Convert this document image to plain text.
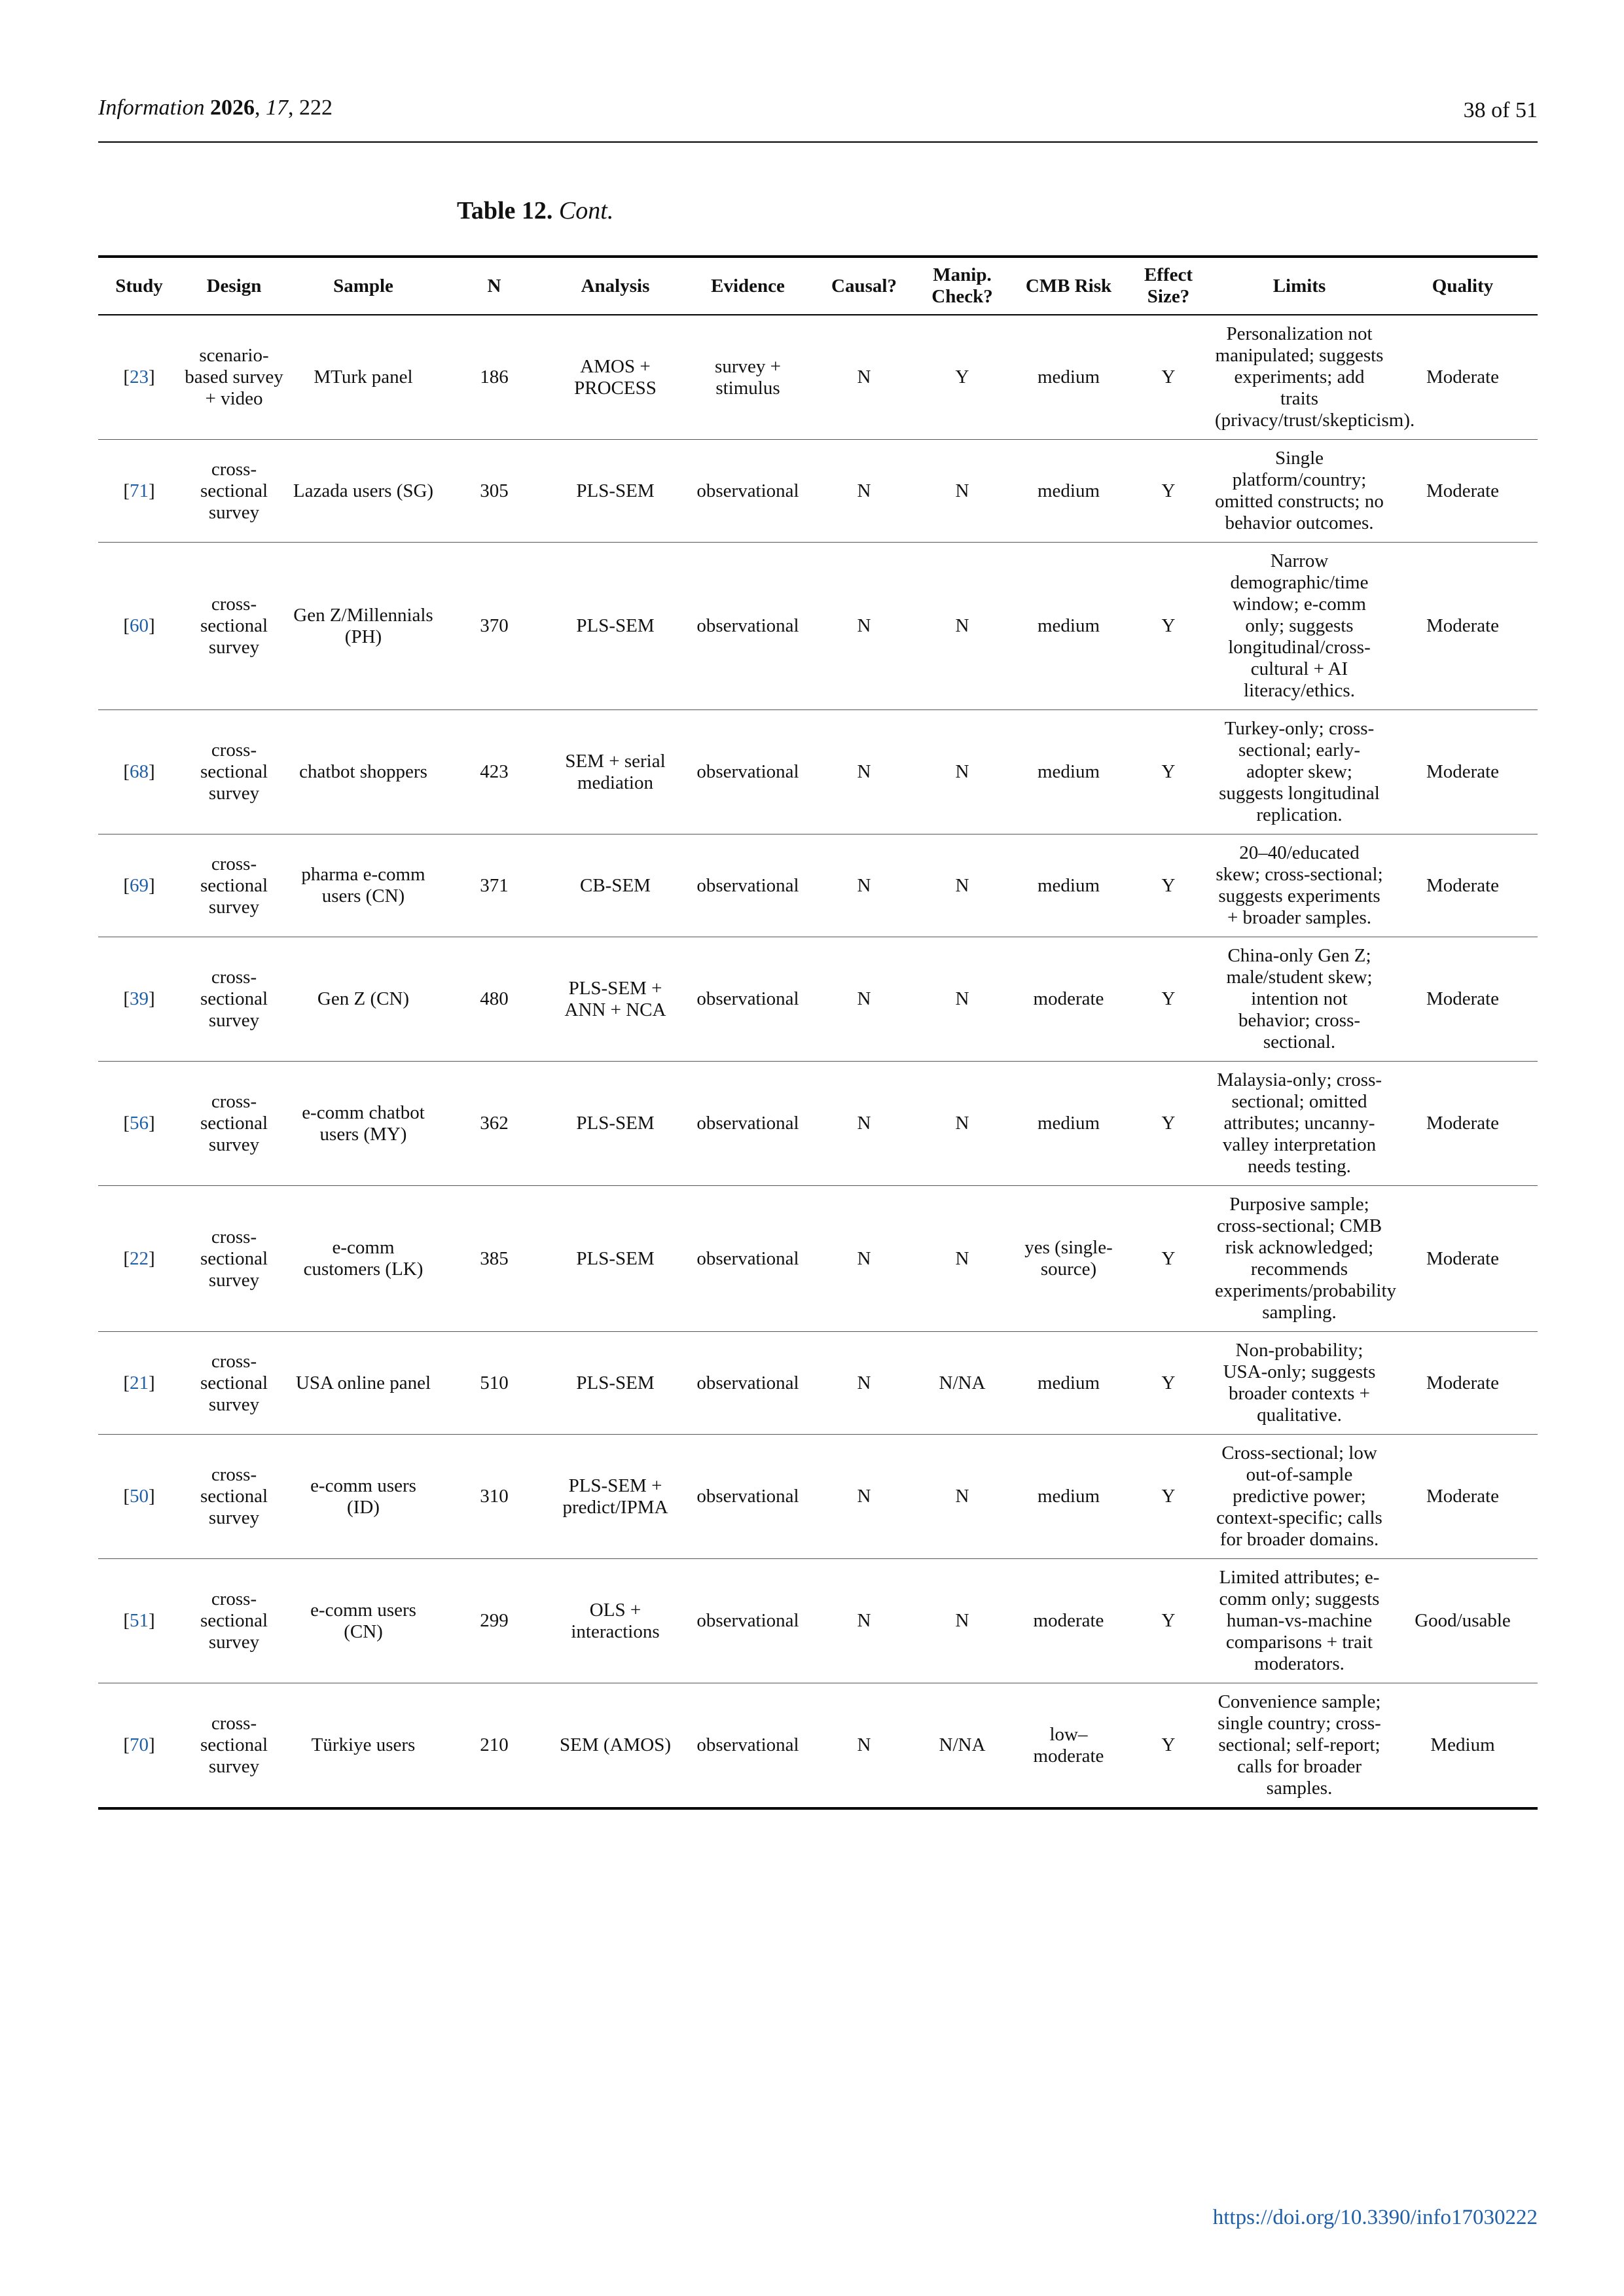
Information 2026, 17, 222	38 of 51
Table 12. Cont.
Study	Design	Sample	N	Analysis	Evidence	Causal?	Manip. Check?	CMB Risk	Effect Size?	Limits	Quality
[23]	scenario-based survey + video	MTurk panel	186	AMOS + PROCESS	survey + stimulus	N	Y	medium	Y	Personalization not manipulated; suggests experiments; add traits (privacy/trust/skepticism).	Moderate
[71]	cross-sectional survey	Lazada users (SG)	305	PLS-SEM	observational	N	N	medium	Y	Single platform/country; omitted constructs; no behavior outcomes.	Moderate
[60]	cross-sectional survey	Gen Z/Millennials (PH)	370	PLS-SEM	observational	N	N	medium	Y	Narrow demographic/time window; e-comm only; suggests longitudinal/cross-cultural + AI literacy/ethics.	Moderate
[68]	cross-sectional survey	chatbot shoppers	423	SEM + serial mediation	observational	N	N	medium	Y	Turkey-only; cross-sectional; early-adopter skew; suggests longitudinal replication.	Moderate
[69]	cross-sectional survey	pharma e-comm users (CN)	371	CB-SEM	observational	N	N	medium	Y	20–40/educated skew; cross-sectional; suggests experiments + broader samples.	Moderate
[39]	cross-sectional survey	Gen Z (CN)	480	PLS-SEM + ANN + NCA	observational	N	N	moderate	Y	China-only Gen Z; male/student skew; intention not behavior; cross-sectional.	Moderate
[56]	cross-sectional survey	e-comm chatbot users (MY)	362	PLS-SEM	observational	N	N	medium	Y	Malaysia-only; cross-sectional; omitted attributes; uncanny-valley interpretation needs testing.	Moderate
[22]	cross-sectional survey	e-comm customers (LK)	385	PLS-SEM	observational	N	N	yes (single-source)	Y	Purposive sample; cross-sectional; CMB risk acknowledged; recommends experiments/probability sampling.	Moderate
[21]	cross-sectional survey	USA online panel	510	PLS-SEM	observational	N	N/NA	medium	Y	Non-probability; USA-only; suggests broader contexts + qualitative.	Moderate
[50]	cross-sectional survey	e-comm users (ID)	310	PLS-SEM + predict/IPMA	observational	N	N	medium	Y	Cross-sectional; low out-of-sample predictive power; context-specific; calls for broader domains.	Moderate
[51]	cross-sectional survey	e-comm users (CN)	299	OLS + interactions	observational	N	N	moderate	Y	Limited attributes; e-comm only; suggests human-vs-machine comparisons + trait moderators.	Good/usable
[70]	cross-sectional survey	Türkiye users	210	SEM (AMOS)	observational	N	N/NA	low–moderate	Y	Convenience sample; single country; cross-sectional; self-report; calls for broader samples.	Medium
https://doi.org/10.3390/info17030222
